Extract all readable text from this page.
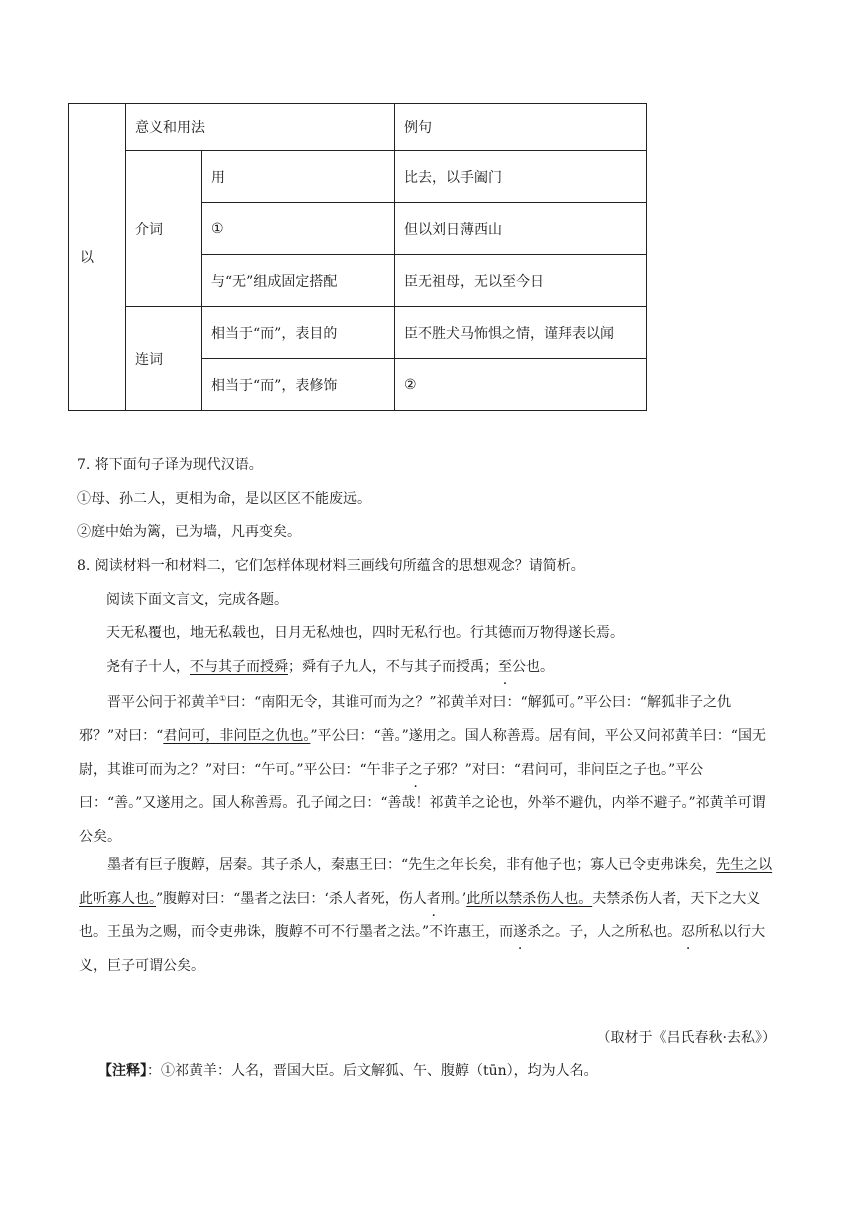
以	意义和用法		例句
	介词	用	比去，以手阖门
		①	但以刘日薄西山
		与“无”组成固定搭配	臣无祖母，无以至今日
	连词	相当于“而”，表目的	臣不胜犬马怖惧之情，谨拜表以闻
		相当于“而”，表修饰	②
7. 将下面句子译为现代汉语。
①母、孙二人，更相为命，是以区区不能废远。
②庭中始为篱，已为墙，凡再变矣。
8. 阅读材料一和材料二，它们怎样体现材料三画线句所蕴含的思想观念？请简析。
阅读下面文言文，完成各题。
天无私覆也，地无私载也，日月无私烛也，四时无私行也。行其德而万物得遂长焉。
尧有子十人，不与其子而授舜；舜有子九人，不与其子而授禹；至公也。
晋平公问于祁黄羊①曰：“南阳无令，其谁可而为之？”祁黄羊对曰：“解狐可。”平公曰：“解狐非子之仇邪？”对曰：“君问可，非问臣之仇也。”平公曰：“善。”遂用之。国人称善焉。居有间，平公又问祁黄羊曰：“国无尉，其谁可而为之？”对曰：“午可。”平公曰：“午非子之子邪？”对曰：“君问可，非问臣之子也。”平公曰：“善。”又遂用之。国人称善焉。孔子闻之曰：“善哉！祁黄羊之论也，外举不避仇，内举不避子。”祁黄羊可谓公矣。
墨者有巨子腹䵍，居秦。其子杀人，秦惠王曰：“先生之年长矣，非有他子也；寡人已令吏弗诛矣，先生之以此听寡人也。”腹䵍对曰：“墨者之法曰：‘杀人者死，伤人者刑。’此所以禁杀伤人也。夫禁杀伤人者，天下之大义也。王虽为之赐，而令吏弗诛，腹䵍不可不行墨者之法。”不许惠王，而遂杀之。子，人之所私也。忍所私以行大义，巨子可谓公矣。
（取材于《吕氏春秋·去私》）
【注释】：①祁黄羊：人名，晋国大臣。后文解狐、午、腹䵍（tūn），均为人名。
